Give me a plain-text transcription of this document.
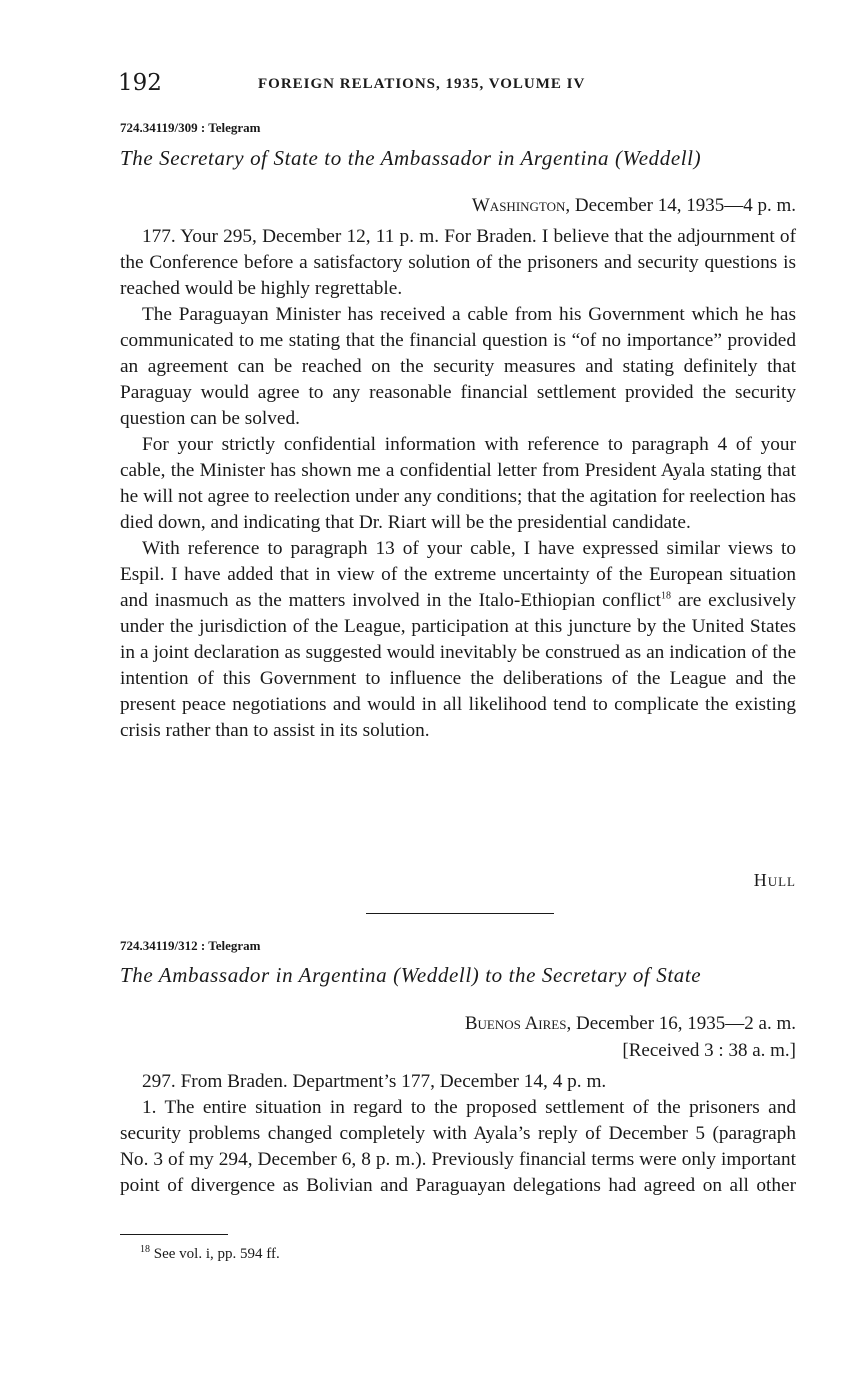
192	FOREIGN RELATIONS, 1935, VOLUME IV
724.34119/309 : Telegram
The Secretary of State to the Ambassador in Argentina (Weddell)
Washington, December 14, 1935—4 p. m.

177. Your 295, December 12, 11 p. m. For Braden. I believe that the adjournment of the Conference before a satisfactory solution of the prisoners and security questions is reached would be highly regrettable.

The Paraguayan Minister has received a cable from his Government which he has communicated to me stating that the financial question is “of no importance” provided an agreement can be reached on the security measures and stating definitely that Paraguay would agree to any reasonable financial settlement provided the security question can be solved.

For your strictly confidential information with reference to paragraph 4 of your cable, the Minister has shown me a confidential letter from President Ayala stating that he will not agree to reelection under any conditions; that the agitation for reelection has died down, and indicating that Dr. Riart will be the presidential candidate.

With reference to paragraph 13 of your cable, I have expressed similar views to Espil. I have added that in view of the extreme uncertainty of the European situation and inasmuch as the matters involved in the Italo-Ethiopian conflict$^{18}$ are exclusively under the jurisdiction of the League, participation at this juncture by the United States in a joint declaration as suggested would inevitably be construed as an indication of the intention of this Government to influence the deliberations of the League and the present peace negotiations and would in all likelihood tend to complicate the existing crisis rather than to assist in its solution.

Hull
724.34119/312 : Telegram
The Ambassador in Argentina (Weddell) to the Secretary of State
Buenos Aires, December 16, 1935—2 a. m.
[Received 3 : 38 a. m.]

297. From Braden. Department’s 177, December 14, 4 p. m.

1. The entire situation in regard to the proposed settlement of the prisoners and security problems changed completely with Ayala’s reply of December 5 (paragraph No. 3 of my 294, December 6, 8 p. m.). Previously financial terms were only important point of divergence as Bolivian and Paraguayan delegations had agreed on all other

$^{18}$ See vol. i, pp. 594 ff.
